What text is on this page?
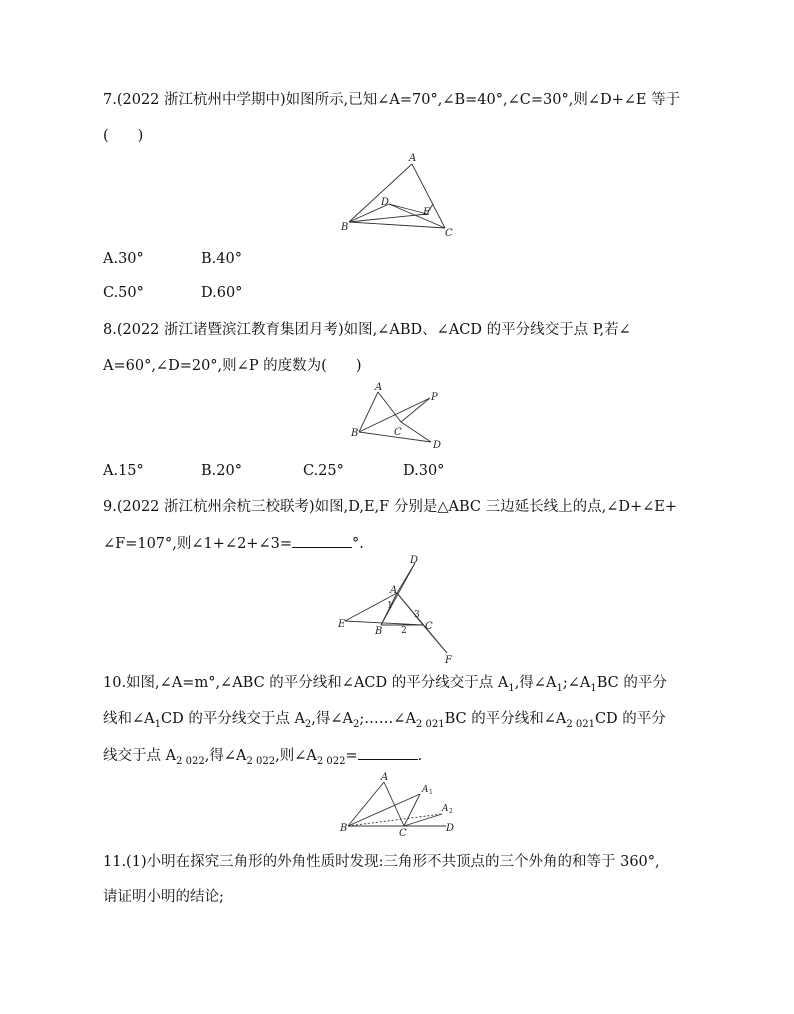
7.(2022 浙江杭州中学期中)如图所示,已知∠A=70°,∠B=40°,∠C=30°,则∠D+∠E 等于
(　　)
A
B
C
D
E
A.30°	B.40°
C.50°	D.60°
8.(2022 浙江诸暨滨江教育集团月考)如图,∠ABD、∠ACD 的平分线交于点 P,若∠
A=60°,∠D=20°,则∠P 的度数为(　　)
A
B	C
D
P
A.15°	B.20°	C.25°	D.30°
9.(2022 浙江杭州余杭三校联考)如图,D,E,F 分别是△ABC 三边延长线上的点,∠D+∠E+
∠F=107°,则∠1+∠2+∠3=	°.
A
B	C
D
E
F
1
2
3
10.如图,∠A=m°,∠ABC 的平分线和∠ACD 的平分线交于点 $A_1$,得$\angle A_1;\angle A_1BC$ 的平分
线和$\angle A_1CD$ 的平分线交于点 $A_2$,得$\angle A_2;\dots\dots\angle A_{2 021}BC$ 的平分线和$\angle A_{2 021}CD$ 的平分
线交于点 $A_{2 022}$,得$\angle A_{2 022}$,则$\angle A_{2 022}=$	.
A
A 1
A 2
B	C	D
11.(1)小明在探究三角形的外角性质时发现:三角形不共顶点的三个外角的和等于 360°,
请证明小明的结论;
